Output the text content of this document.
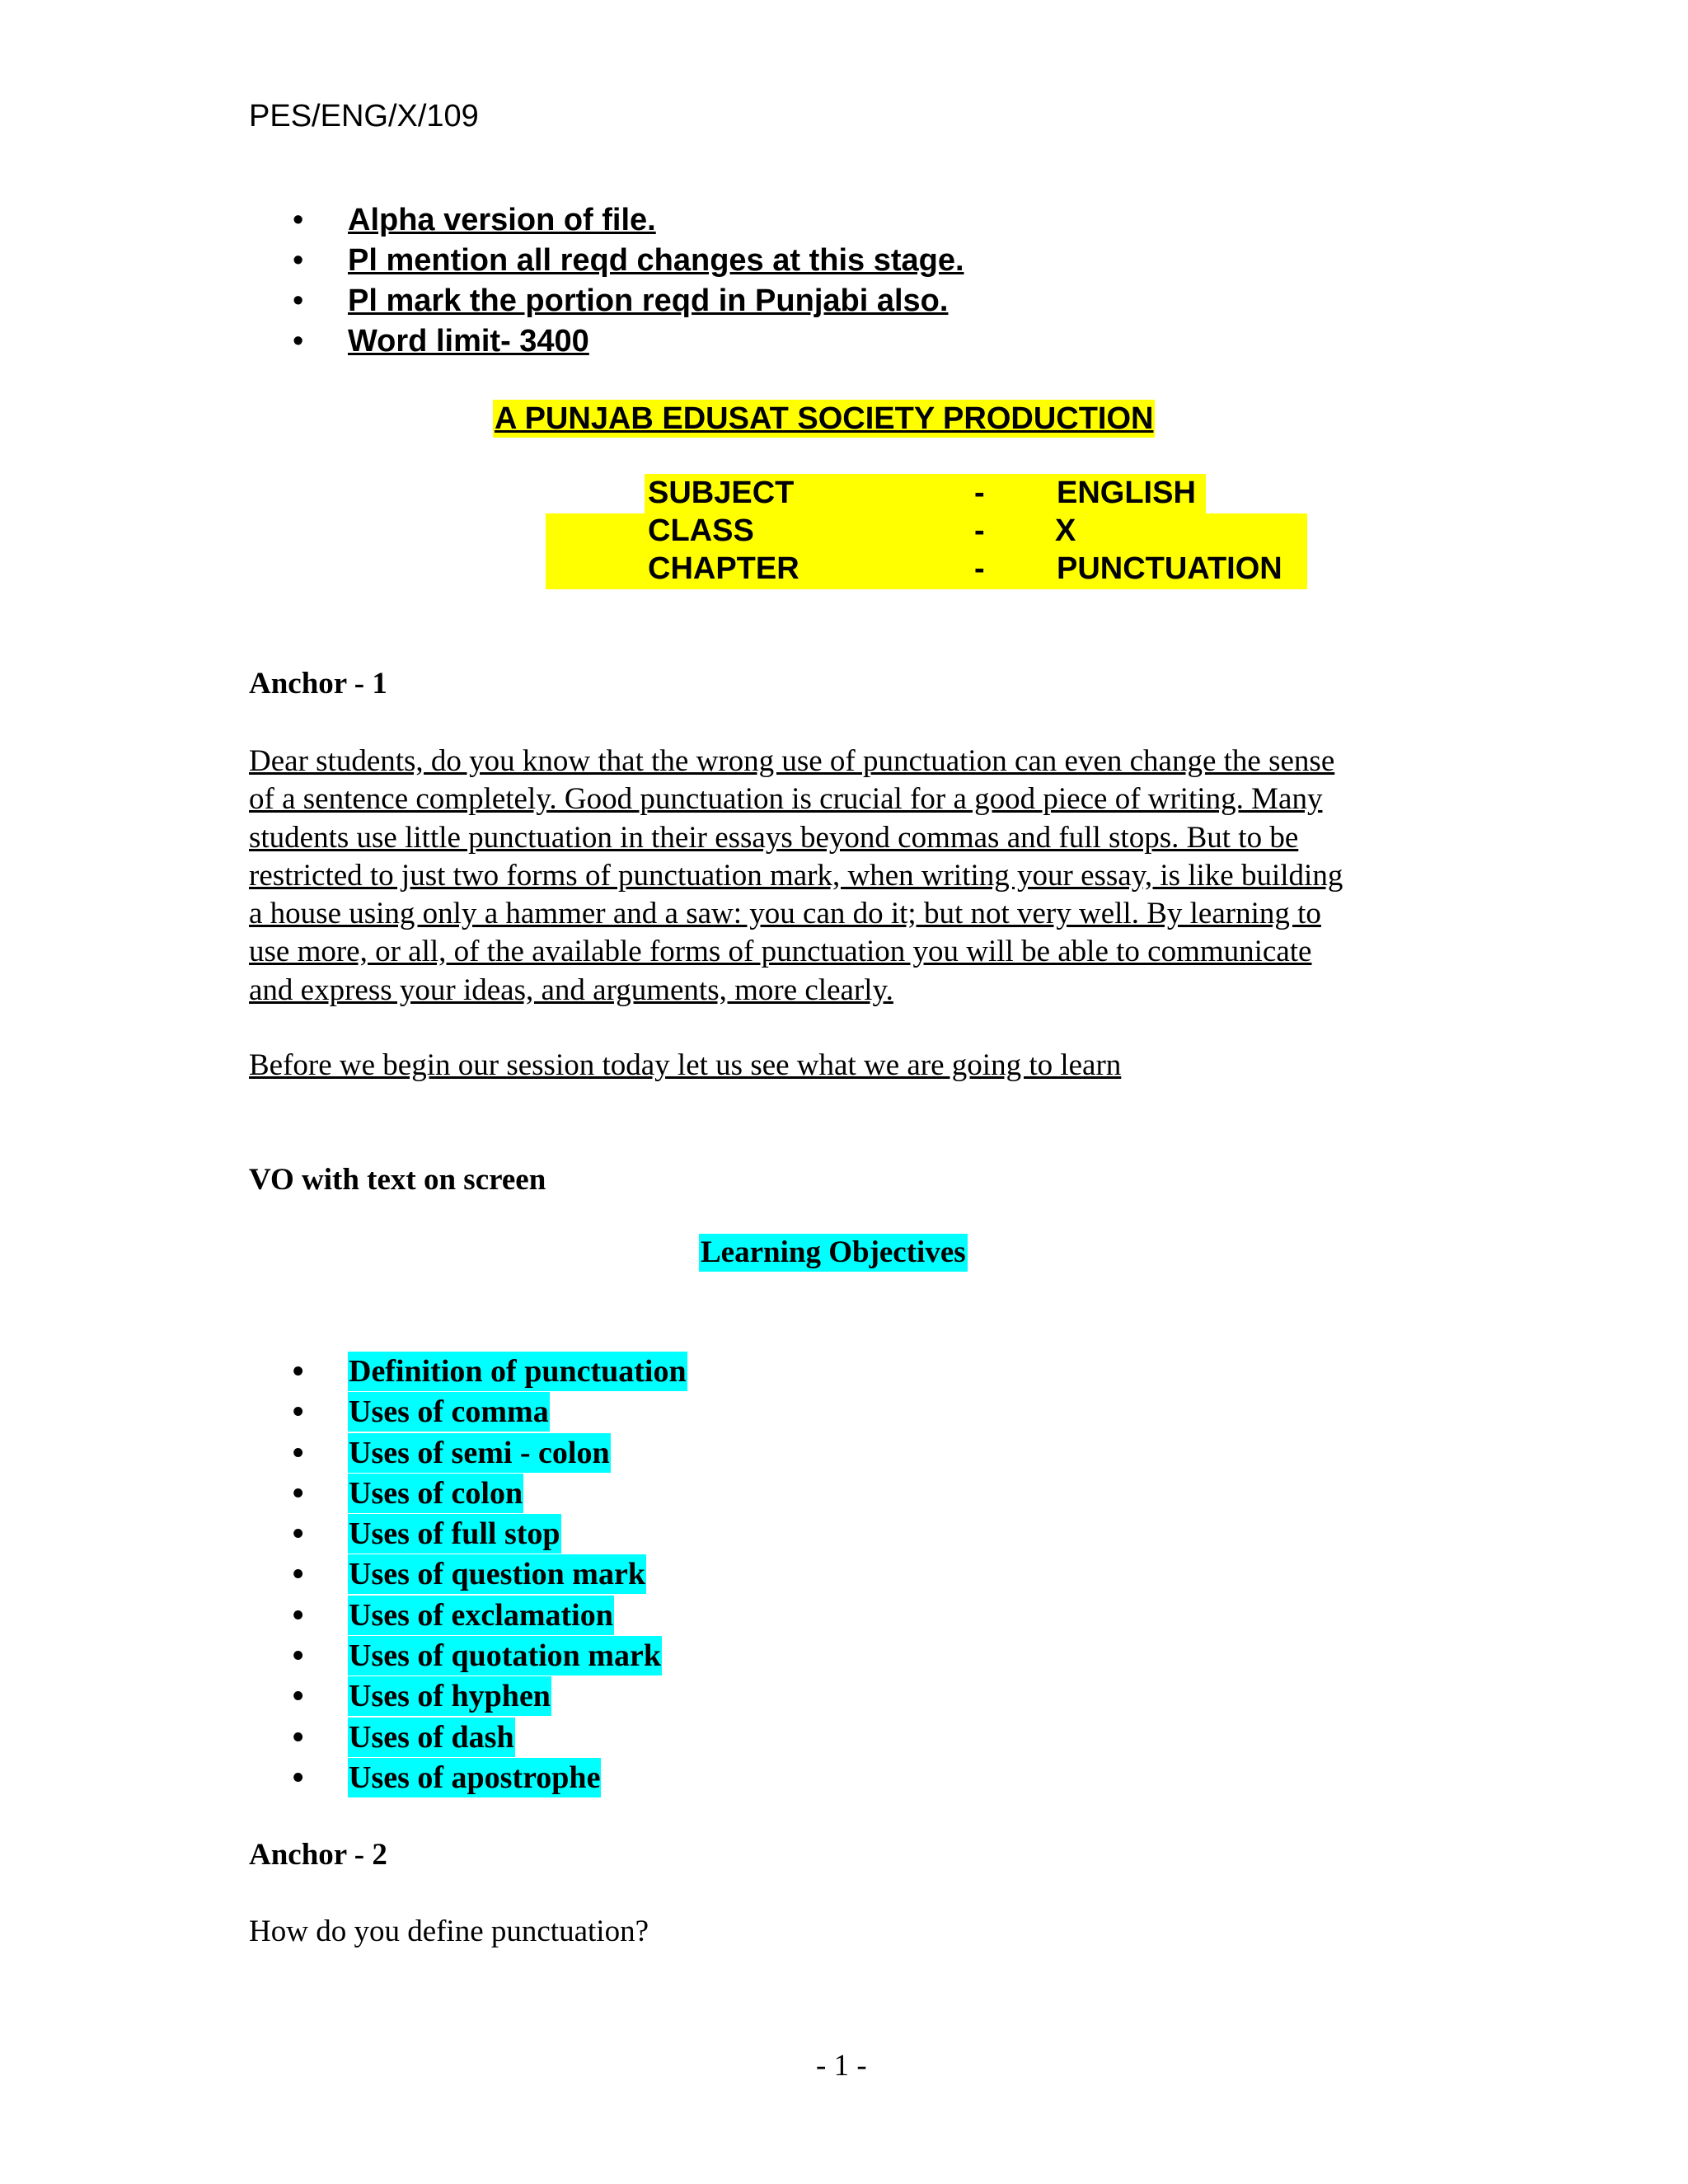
PES/ENG/X/109
• Alpha version of file.
• Pl mention all reqd changes at this stage.
• Pl mark the portion reqd in Punjabi also.
• Word limit- 3400
A PUNJAB EDUSAT SOCIETY PRODUCTION
SUBJECT	- ENGLISH
CLASS	- X
CHAPTER	- PUNCTUATION
Anchor - 1
Dear students, do you know that the wrong use of punctuation can even change the sense
of a sentence completely. Good punctuation is crucial for a good piece of writing. Many
students use little punctuation in their essays beyond commas and full stops. But to be
restricted to just two forms of punctuation mark, when writing your essay, is like building
a house using only a hammer and a saw: you can do it; but not very well. By learning to
use more, or all, of the available forms of punctuation you will be able to communicate
and express your ideas, and arguments, more clearly.
Before we begin our session today let us see what we are going to learn
VO with text on screen
Learning Objectives
• Definition of punctuation
• Uses of comma
• Uses of semi - colon
• Uses of colon
• Uses of full stop
• Uses of question mark
• Uses of exclamation
• Uses of quotation mark
• Uses of hyphen
• Uses of dash
• Uses of apostrophe
Anchor - 2
How do you define punctuation?
- 1 -
